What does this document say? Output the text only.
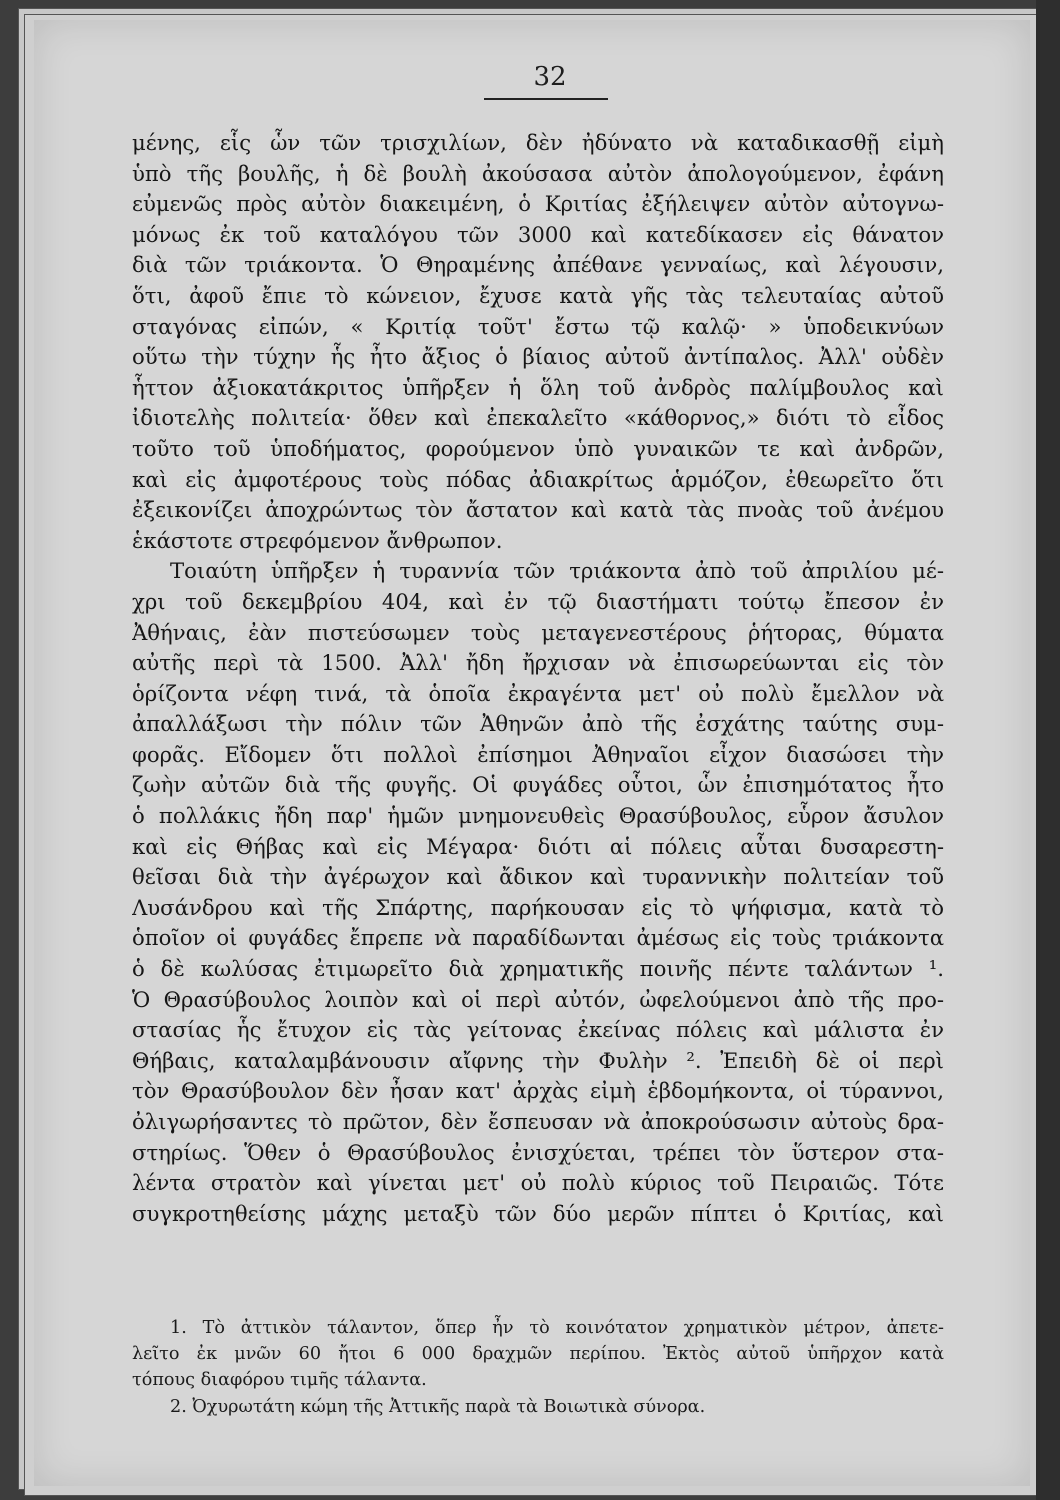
32
μένης, εἷς ὧν τῶν τρισχιλίων, δὲν ἠδύνατο νὰ καταδικασθῇ εἰμὴ
ὑπὸ τῆς βουλῆς, ἡ δὲ βουλὴ ἀκούσασα αὐτὸν ἀπολογούμενον, ἐφάνη
εὐμενῶς πρὸς αὐτὸν διακειμένη, ὁ Κριτίας ἐξήλειψεν αὐτὸν αὐτογνω-
μόνως ἐκ τοῦ καταλόγου τῶν 3000 καὶ κατεδίκασεν εἰς θάνατον
διὰ τῶν τριάκοντα. Ὁ Θηραμένης ἀπέθανε γενναίως, καὶ λέγουσιν,
ὅτι, ἀφοῦ ἔπιε τὸ κώνειον, ἔχυσε κατὰ γῆς τὰς τελευταίας αὐτοῦ
σταγόνας εἰπών, « Κριτίᾳ τοῦτ' ἔστω τῷ καλῷ· » ὑποδεικνύων
οὕτω τὴν τύχην ἧς ἦτο ἄξιος ὁ βίαιος αὐτοῦ ἀντίπαλος. Ἀλλ' οὐδὲν
ἧττον ἀξιοκατάκριτος ὑπῆρξεν ἡ ὅλη τοῦ ἀνδρὸς παλίμβουλος καὶ
ἰδιοτελὴς πολιτεία· ὅθεν καὶ ἐπεκαλεῖτο «κάθορνος,» διότι τὸ εἶδος
τοῦτο τοῦ ὑποδήματος, φορούμενον ὑπὸ γυναικῶν τε καὶ ἀνδρῶν,
καὶ εἰς ἀμφοτέρους τοὺς πόδας ἀδιακρίτως ἁρμόζον, ἐθεωρεῖτο ὅτι
ἐξεικονίζει ἀποχρώντως τὸν ἄστατον καὶ κατὰ τὰς πνοὰς τοῦ ἀνέμου
ἑκάστοτε στρεφόμενον ἄνθρωπον.
Τοιαύτη ὑπῆρξεν ἡ τυραννία τῶν τριάκοντα ἀπὸ τοῦ ἀπριλίου μέ-
χρι τοῦ δεκεμβρίου 404, καὶ ἐν τῷ διαστήματι τούτῳ ἔπεσον ἐν
Ἀθήναις, ἐὰν πιστεύσωμεν τοὺς μεταγενεστέρους ῥήτορας, θύματα
αὐτῆς περὶ τὰ 1500. Ἀλλ' ἤδη ἤρχισαν νὰ ἐπισωρεύωνται εἰς τὸν
ὁρίζοντα νέφη τινά, τὰ ὁποῖα ἐκραγέντα μετ' οὐ πολὺ ἔμελλον νὰ
ἀπαλλάξωσι τὴν πόλιν τῶν Ἀθηνῶν ἀπὸ τῆς ἐσχάτης ταύτης συμ-
φορᾶς. Εἴδομεν ὅτι πολλοὶ ἐπίσημοι Ἀθηναῖοι εἶχον διασώσει τὴν
ζωὴν αὐτῶν διὰ τῆς φυγῆς. Οἱ φυγάδες οὗτοι, ὧν ἐπισημότατος ἦτο
ὁ πολλάκις ἤδη παρ' ἡμῶν μνημονευθεὶς Θρασύβουλος, εὗρον ἄσυλον
καὶ εἰς Θήβας καὶ εἰς Μέγαρα· διότι αἱ πόλεις αὗται δυσαρεστη-
θεῖσαι διὰ τὴν ἀγέρωχον καὶ ἄδικον καὶ τυραννικὴν πολιτείαν τοῦ
Λυσάνδρου καὶ τῆς Σπάρτης, παρήκουσαν εἰς τὸ ψήφισμα, κατὰ τὸ
ὁποῖον οἱ φυγάδες ἔπρεπε νὰ παραδίδωνται ἀμέσως εἰς τοὺς τριάκοντα
ὁ δὲ κωλύσας ἐτιμωρεῖτο διὰ χρηματικῆς ποινῆς πέντε ταλάντων ¹.
Ὁ Θρασύβουλος λοιπὸν καὶ οἱ περὶ αὐτόν, ὠφελούμενοι ἀπὸ τῆς προ-
στασίας ἧς ἔτυχον εἰς τὰς γείτονας ἐκείνας πόλεις καὶ μάλιστα ἐν
Θήβαις, καταλαμβάνουσιν αἴφνης τὴν Φυλὴν ². Ἐπειδὴ δὲ οἱ περὶ
τὸν Θρασύβουλον δὲν ἦσαν κατ' ἀρχὰς εἰμὴ ἑβδομήκοντα, οἱ τύραννοι,
ὀλιγωρήσαντες τὸ πρῶτον, δὲν ἔσπευσαν νὰ ἀποκρούσωσιν αὐτοὺς δρα-
στηρίως. Ὅθεν ὁ Θρασύβουλος ἐνισχύεται, τρέπει τὸν ὕστερον στα-
λέντα στρατὸν καὶ γίνεται μετ' οὐ πολὺ κύριος τοῦ Πειραιῶς. Τότε
συγκροτηθείσης μάχης μεταξὺ τῶν δύο μερῶν πίπτει ὁ Κριτίας, καὶ
1. Τὸ ἀττικὸν τάλαντον, ὅπερ ἦν τὸ κοινότατον χρηματικὸν μέτρον, ἀπετε-
λεῖτο ἐκ μνῶν 60 ἤτοι 6 000 δραχμῶν περίπου. Ἐκτὸς αὐτοῦ ὑπῆρχον κατὰ
τόπους διαφόρου τιμῆς τάλαντα.
2. Ὀχυρωτάτη κώμη τῆς Ἀττικῆς παρὰ τὰ Βοιωτικὰ σύνορα.
